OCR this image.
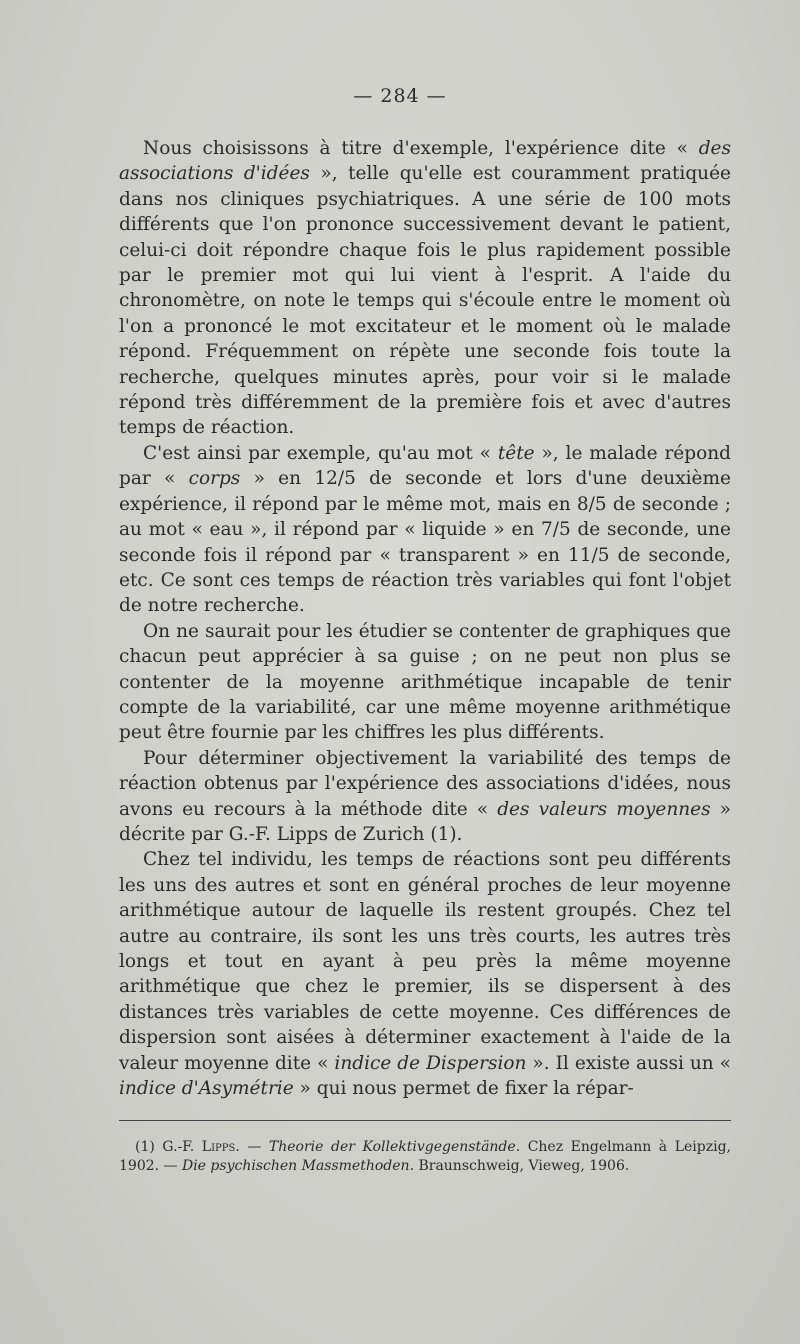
— 284 —

Nous choisissons à titre d'exemple, l'expérience dite « des associations d'idées », telle qu'elle est couramment pratiquée dans nos cliniques psychiatriques. A une série de 100 mots différents que l'on prononce successivement devant le patient, celui-ci doit répondre chaque fois le plus rapidement possible par le premier mot qui lui vient à l'esprit. A l'aide du chronomètre, on note le temps qui s'écoule entre le moment où l'on a prononcé le mot excitateur et le moment où le malade répond. Fréquemment on répète une seconde fois toute la recherche, quelques minutes après, pour voir si le malade répond très différemment de la première fois et avec d'autres temps de réaction.

C'est ainsi par exemple, qu'au mot « tête », le malade répond par « corps » en 12/5 de seconde et lors d'une deuxième expérience, il répond par le même mot, mais en 8/5 de seconde ; au mot « eau », il répond par « liquide » en 7/5 de seconde, une seconde fois il répond par « transparent » en 11/5 de seconde, etc. Ce sont ces temps de réaction très variables qui font l'objet de notre recherche.

On ne saurait pour les étudier se contenter de graphiques que chacun peut apprécier à sa guise ; on ne peut non plus se contenter de la moyenne arithmétique incapable de tenir compte de la variabilité, car une même moyenne arithmétique peut être fournie par les chiffres les plus différents.

Pour déterminer objectivement la variabilité des temps de réaction obtenus par l'expérience des associations d'idées, nous avons eu recours à la méthode dite « des valeurs moyennes » décrite par G.-F. Lipps de Zurich (1).

Chez tel individu, les temps de réactions sont peu différents les uns des autres et sont en général proches de leur moyenne arithmétique autour de laquelle ils restent groupés. Chez tel autre au contraire, ils sont les uns très courts, les autres très longs et tout en ayant à peu près la même moyenne arithmétique que chez le premier, ils se dispersent à des distances très variables de cette moyenne. Ces différences de dispersion sont aisées à déterminer exactement à l'aide de la valeur moyenne dite « indice de Dispersion ». Il existe aussi un « indice d'Asymétrie » qui nous permet de fixer la répar-

(1) G.-F. Lipps. — Theorie der Kollektivgegenstände. Chez Engelmann à Leipzig, 1902. — Die psychischen Massmethoden. Braunschweig, Vieweg, 1906.
